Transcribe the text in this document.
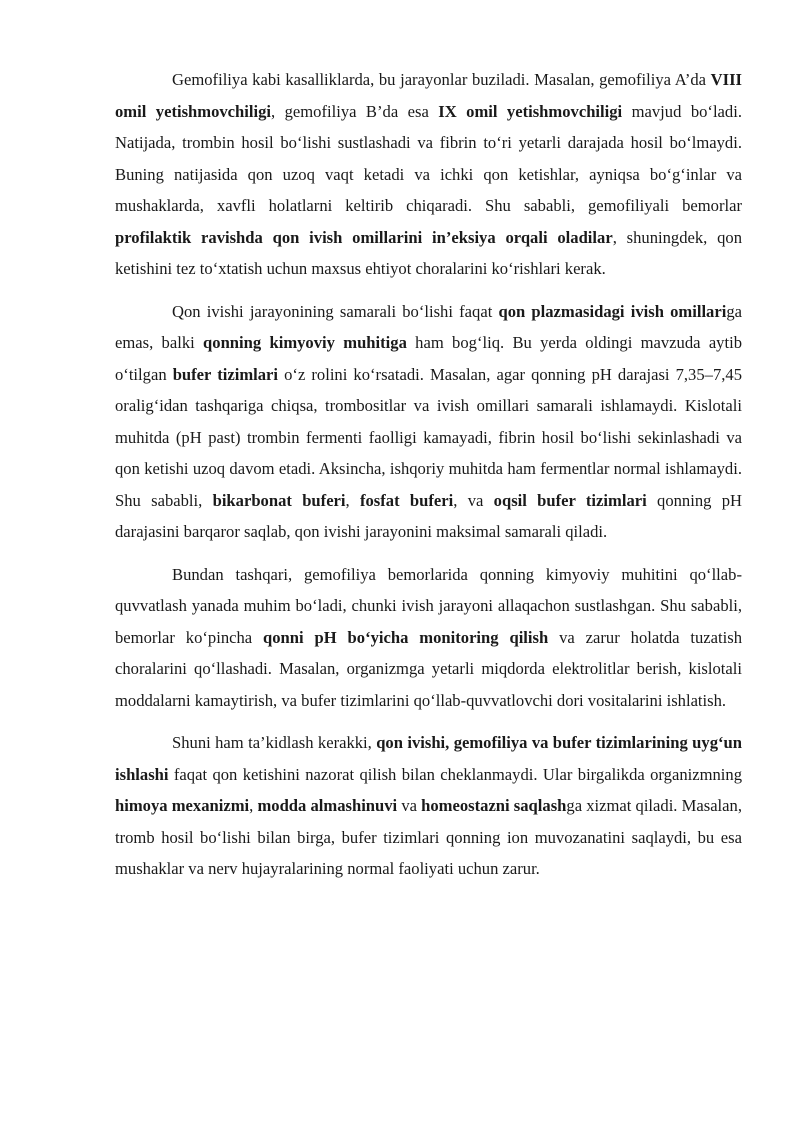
Gemofiliya kabi kasalliklarda, bu jarayonlar buziladi. Masalan, gemofiliya A’da VIII omil yetishmovchiligi, gemofiliya B’da esa IX omil yetishmovchiligi mavjud bo‘ladi. Natijada, trombin hosil bo‘lishi sustlashadi va fibrin to‘ri yetarli darajada hosil bo‘lmaydi. Buning natijasida qon uzoq vaqt ketadi va ichki qon ketishlar, ayniqsa bo‘g‘inlar va mushaklarda, xavfli holatlarni keltirib chiqaradi. Shu sababli, gemofiliyali bemorlar profilaktik ravishda qon ivish omillarini in’eksiya orqali oladilar, shuningdek, qon ketishini tez to‘xtatish uchun maxsus ehtiyot choralarini ko‘rishlari kerak.

Qon ivishi jarayonining samarali bo‘lishi faqat qon plazmasidagi ivish omillariga emas, balki qonning kimyoviy muhitiga ham bog‘liq. Bu yerda oldingi mavzuda aytib o‘tilgan bufer tizimlari o‘z rolini ko‘rsatadi. Masalan, agar qonning pH darajasi 7,35–7,45 oralig‘idan tashqariga chiqsa, trombositlar va ivish omillari samarali ishlamaydi. Kislotali muhitda (pH past) trombin fermenti faolligi kamayadi, fibrin hosil bo‘lishi sekinlashadi va qon ketishi uzoq davom etadi. Aksincha, ishqoriy muhitda ham fermentlar normal ishlamaydi. Shu sababli, bikarbonat buferi, fosfat buferi, va oqsil bufer tizimlari qonning pH darajasini barqaror saqlab, qon ivishi jarayonini maksimal samarali qiladi.

Bundan tashqari, gemofiliya bemorlarida qonning kimyoviy muhitini qo‘llab-quvvatlash yanada muhim bo‘ladi, chunki ivish jarayoni allaqachon sustlashgan. Shu sababli, bemorlar ko‘pincha qonni pH bo‘yicha monitoring qilish va zarur holatda tuzatish choralarini qo‘llashadi. Masalan, organizmga yetarli miqdorda elektrolitlar berish, kislotali moddalarni kamaytirish, va bufer tizimlarini qo‘llab-quvvatlovchi dori vositalarini ishlatish.

Shuni ham ta’kidlash kerakki, qon ivishi, gemofiliya va bufer tizimlarining uyg‘un ishlashi faqat qon ketishini nazorat qilish bilan cheklanmaydi. Ular birgalikda organizmning himoya mexanizmi, modda almashinuvi va homeostazni saqlashga xizmat qiladi. Masalan, tromb hosil bo‘lishi bilan birga, bufer tizimlari qonning ion muvozanatini saqlaydi, bu esa mushaklar va nerv hujayralarining normal faoliyati uchun zarur.
